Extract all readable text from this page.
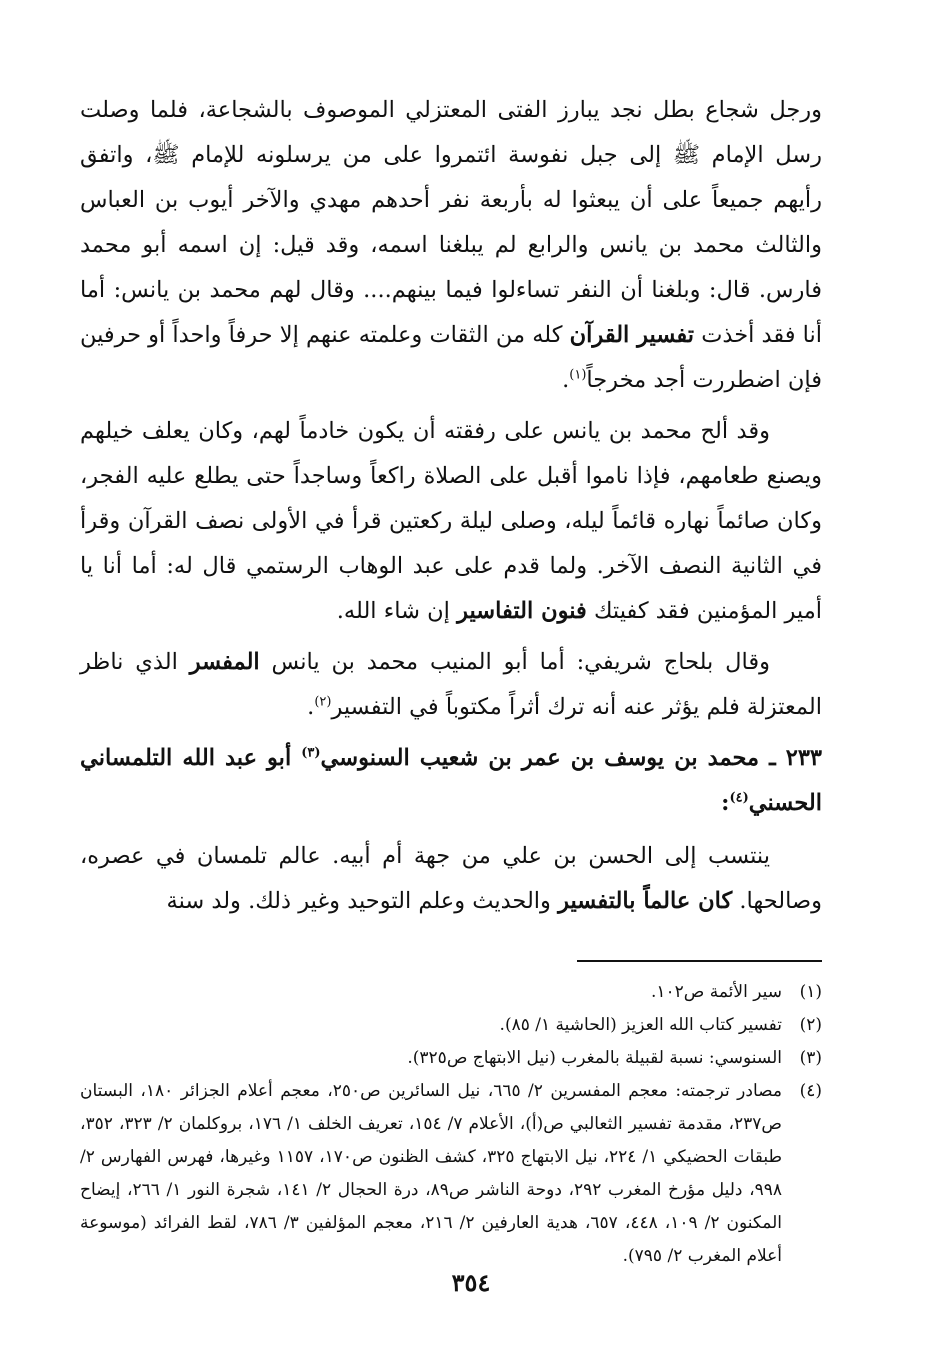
ورجل شجاع بطل نجد يبارز الفتى المعتزلي الموصوف بالشجاعة، فلما وصلت رسل الإمام ﷺ إلى جبل نفوسة ائتمروا على من يرسلونه للإمام ﷺ، واتفق رأيهم جميعاً على أن يبعثوا له بأربعة نفر أحدهم مهدي والآخر أيوب بن العباس والثالث محمد بن يانس والرابع لم يبلغنا اسمه، وقد قيل: إن اسمه أبو محمد فارس. قال: وبلغنا أن النفر تساءلوا فيما بينهم.... وقال لهم محمد بن يانس: أما أنا فقد أخذت تفسير القرآن كله من الثقات وعلمته عنهم إلا حرفاً واحداً أو حرفين فإن اضطررت أجد مخرجاً$^{(١)}$.

وقد ألح محمد بن يانس على رفقته أن يكون خادماً لهم، وكان يعلف خيلهم ويصنع طعامهم، فإذا ناموا أقبل على الصلاة راكعاً وساجداً حتى يطلع عليه الفجر، وكان صائماً نهاره قائماً ليله، وصلى ليلة ركعتين قرأ في الأولى نصف القرآن وقرأ في الثانية النصف الآخر. ولما قدم على عبد الوهاب الرستمي قال له: أما أنا يا أمير المؤمنين فقد كفيتك فنون التفاسير إن شاء الله.

وقال بلحاج شريفي: أما أبو المنيب محمد بن يانس المفسر الذي ناظر المعتزلة فلم يؤثر عنه أنه ترك أثراً مكتوباً في التفسير$^{(٢)}$.

٢٣٣ ـ محمد بن يوسف بن عمر بن شعيب السنوسي$^{(٣)}$ أبو عبد الله التلمساني الحسني$^{(٤)}$:

ينتسب إلى الحسن بن علي من جهة أم أبيه. عالم تلمسان في عصره، وصالحها. كان عالماً بالتفسير والحديث وعلم التوحيد وغير ذلك. ولد سنة

(١)
سير الأئمة ص١٠٢.
(٢)
تفسير كتاب الله العزيز (الحاشية ١/ ٨٥).
(٣)
السنوسي: نسبة لقبيلة بالمغرب (نيل الابتهاج ص٣٢٥).
(٤)
مصادر ترجمته: معجم المفسرين ٢/ ٦٦٥، نيل السائرين ص٢٥٠، معجم أعلام الجزائر ١٨٠، البستان ص٢٣٧، مقدمة تفسير الثعالبي ص(أ)، الأعلام ٧/ ١٥٤، تعريف الخلف ١/ ١٧٦، بروكلمان ٢/ ٣٢٣، ٣٥٢، طبقات الحضيكي ١/ ٢٢٤، نيل الابتهاج ٣٢٥، كشف الظنون ص١٧٠، ١١٥٧ وغيرها، فهرس الفهارس ٢/ ٩٩٨، دليل مؤرخ المغرب ٢٩٢، دوحة الناشر ص٨٩، درة الحجال ٢/ ١٤١، شجرة النور ١/ ٢٦٦، إيضاح المكنون ٢/ ١٠٩، ٤٤٨، ٦٥٧، هدية العارفين ٢/ ٢١٦، معجم المؤلفين ٣/ ٧٨٦، لقط الفرائد (موسوعة أعلام المغرب ٢/ ٧٩٥).
٣٥٤
